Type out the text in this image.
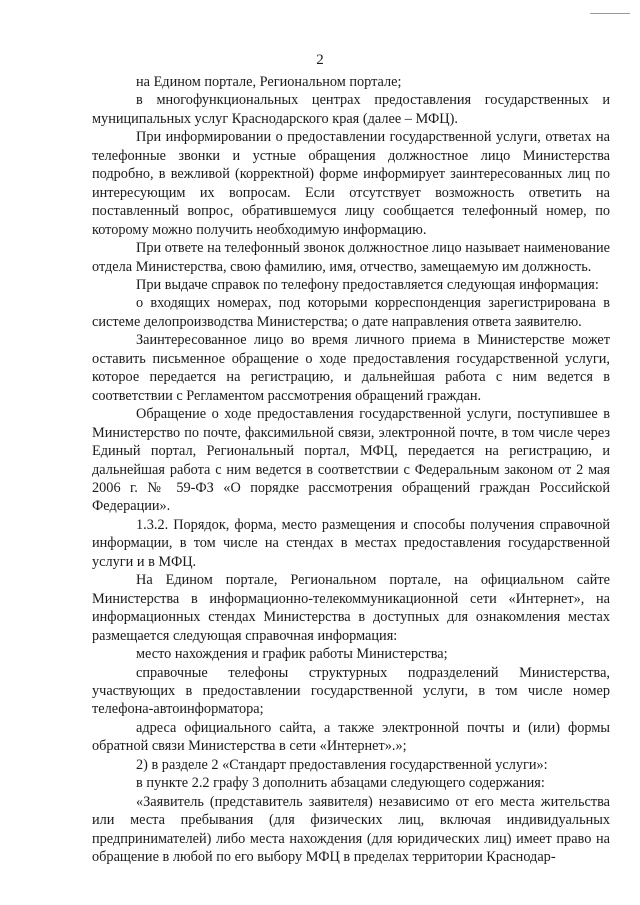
2

на Едином портале, Региональном портале;

в многофункциональных центрах предоставления государственных и муниципальных услуг Краснодарского края (далее – МФЦ).

При информировании о предоставлении государственной услуги, ответах на телефонные звонки и устные обращения должностное лицо Министерства подробно, в вежливой (корректной) форме информирует заинтересованных лиц по интересующим их вопросам. Если отсутствует возможность ответить на поставленный вопрос, обратившемуся лицу сообщается телефонный номер, по которому можно получить необходимую информацию.

При ответе на телефонный звонок должностное лицо называет наименование отдела Министерства, свою фамилию, имя, отчество, замещаемую им должность.

При выдаче справок по телефону предоставляется следующая информация:

о входящих номерах, под которыми корреспонденция зарегистрирована в системе делопроизводства Министерства; о дате направления ответа заявителю.

Заинтересованное лицо во время личного приема в Министерстве может оставить письменное обращение о ходе предоставления государственной услуги, которое передается на регистрацию, и дальнейшая работа с ним ведется в соответствии с Регламентом рассмотрения обращений граждан.

Обращение о ходе предоставления государственной услуги, поступившее в Министерство по почте, факсимильной связи, электронной почте, в том числе через Единый портал, Региональный портал, МФЦ, передается на регистрацию, и дальнейшая работа с ним ведется в соответствии с Федеральным законом от 2 мая 2006 г. № 59-ФЗ «О порядке рассмотрения обращений граждан Российской Федерации».

1.3.2. Порядок, форма, место размещения и способы получения справочной информации, в том числе на стендах в местах предоставления государственной услуги и в МФЦ.

На Едином портале, Региональном портале, на официальном сайте Министерства в информационно-телекоммуникационной сети «Интернет», на информационных стендах Министерства в доступных для ознакомления местах размещается следующая справочная информация:

место нахождения и график работы Министерства;

справочные телефоны структурных подразделений Министерства, участвующих в предоставлении государственной услуги, в том числе номер телефона-автоинформатора;

адреса официального сайта, а также электронной почты и (или) формы обратной связи Министерства в сети «Интернет».»;

2) в разделе 2 «Стандарт предоставления государственной услуги»:

в пункте 2.2 графу 3 дополнить абзацами следующего содержания:

«Заявитель (представитель заявителя) независимо от его места жительства или места пребывания (для физических лиц, включая индивидуальных предпринимателей) либо места нахождения (для юридических лиц) имеет право на обращение в любой по его выбору МФЦ в пределах территории Краснодар-
